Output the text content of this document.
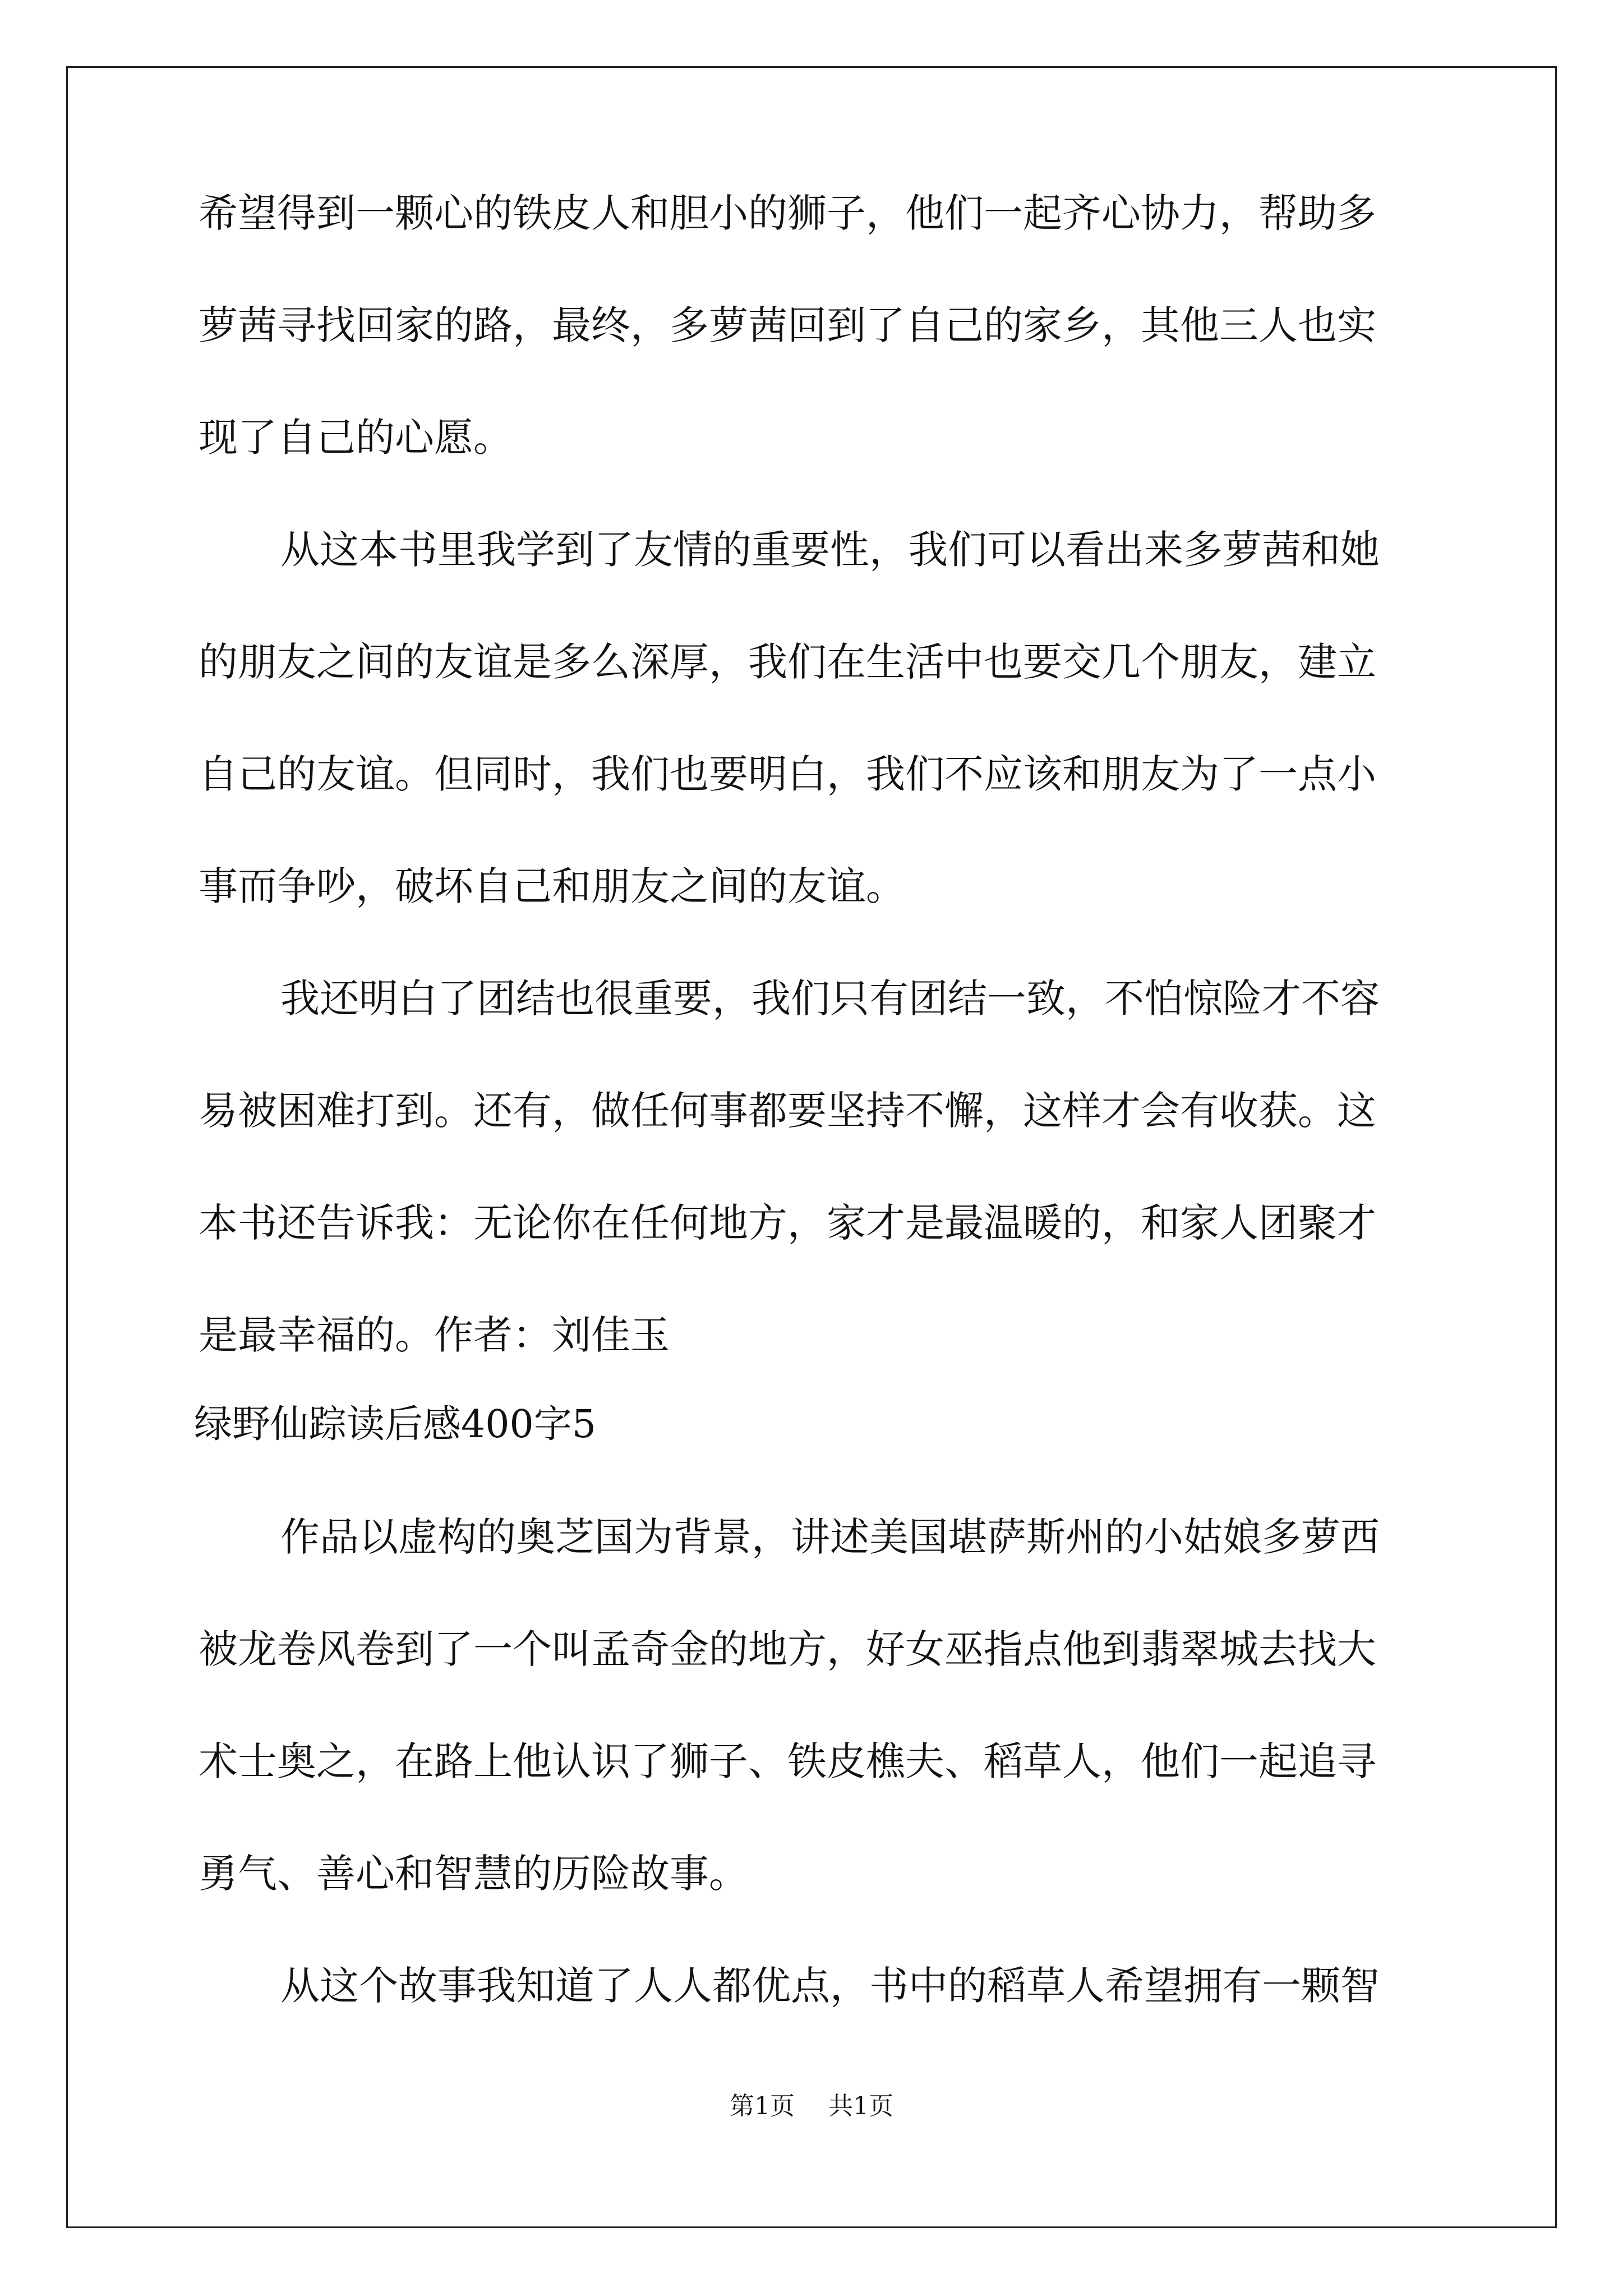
希望得到一颗心的铁皮人和胆小的狮子，他们一起齐心协力，帮助多
萝茜寻找回家的路，最终，多萝茜回到了自己的家乡，其他三人也实
现了自己的心愿。
从这本书里我学到了友情的重要性，我们可以看出来多萝茜和她
的朋友之间的友谊是多么深厚，我们在生活中也要交几个朋友，建立
自己的友谊。但同时，我们也要明白，我们不应该和朋友为了一点小
事而争吵，破坏自己和朋友之间的友谊。
我还明白了团结也很重要，我们只有团结一致，不怕惊险才不容
易被困难打到。还有，做任何事都要坚持不懈，这样才会有收获。这
本书还告诉我：无论你在任何地方，家才是最温暖的，和家人团聚才
是最幸福的。作者：刘佳玉
绿野仙踪读后感400字5
作品以虚构的奥芝国为背景，讲述美国堪萨斯州的小姑娘多萝西
被龙卷风卷到了一个叫孟奇金的地方，好女巫指点他到翡翠城去找大
术士奥之，在路上他认识了狮子、铁皮樵夫、稻草人，他们一起追寻
勇气、善心和智慧的历险故事。
从这个故事我知道了人人都优点，书中的稻草人希望拥有一颗智
第1页 共1页
